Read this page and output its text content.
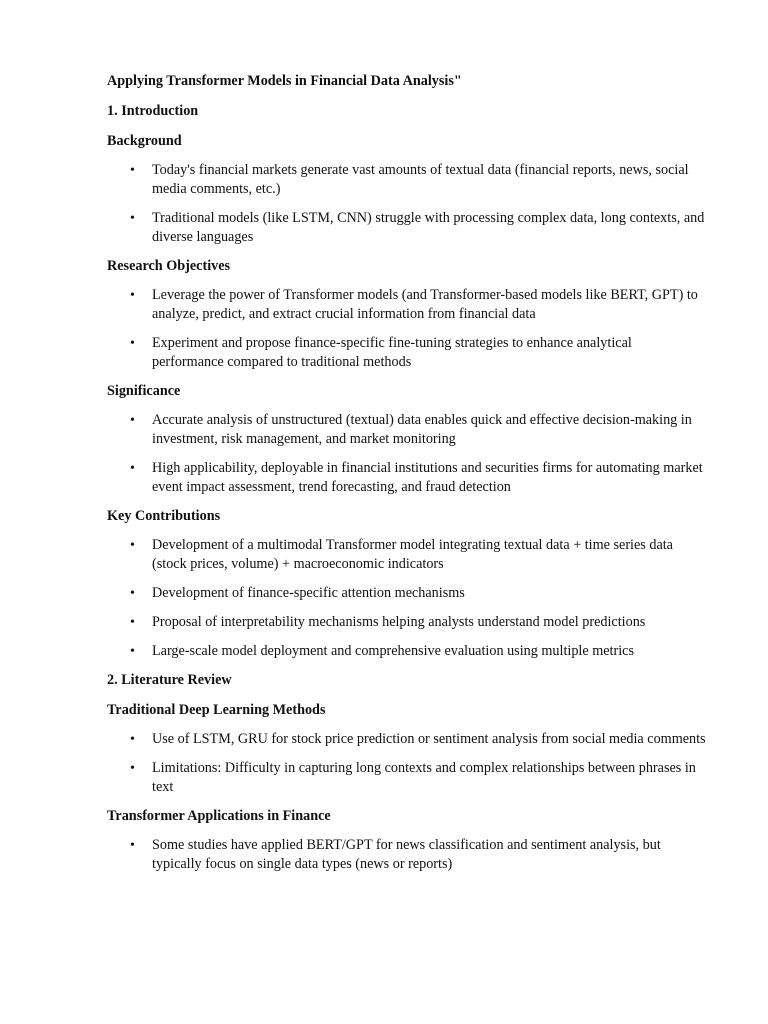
Applying Transformer Models in Financial Data Analysis"

1. Introduction

Background

• Today's financial markets generate vast amounts of textual data (financial reports, news, social media comments, etc.)
• Traditional models (like LSTM, CNN) struggle with processing complex data, long contexts, and diverse languages

Research Objectives

• Leverage the power of Transformer models (and Transformer-based models like BERT, GPT) to analyze, predict, and extract crucial information from financial data
• Experiment and propose finance-specific fine-tuning strategies to enhance analytical performance compared to traditional methods

Significance

• Accurate analysis of unstructured (textual) data enables quick and effective decision-making in investment, risk management, and market monitoring
• High applicability, deployable in financial institutions and securities firms for automating market event impact assessment, trend forecasting, and fraud detection

Key Contributions

• Development of a multimodal Transformer model integrating textual data + time series data (stock prices, volume) + macroeconomic indicators
• Development of finance-specific attention mechanisms
• Proposal of interpretability mechanisms helping analysts understand model predictions
• Large-scale model deployment and comprehensive evaluation using multiple metrics

2. Literature Review

Traditional Deep Learning Methods

• Use of LSTM, GRU for stock price prediction or sentiment analysis from social media comments
• Limitations: Difficulty in capturing long contexts and complex relationships between phrases in text

Transformer Applications in Finance

• Some studies have applied BERT/GPT for news classification and sentiment analysis, but typically focus on single data types (news or reports)
